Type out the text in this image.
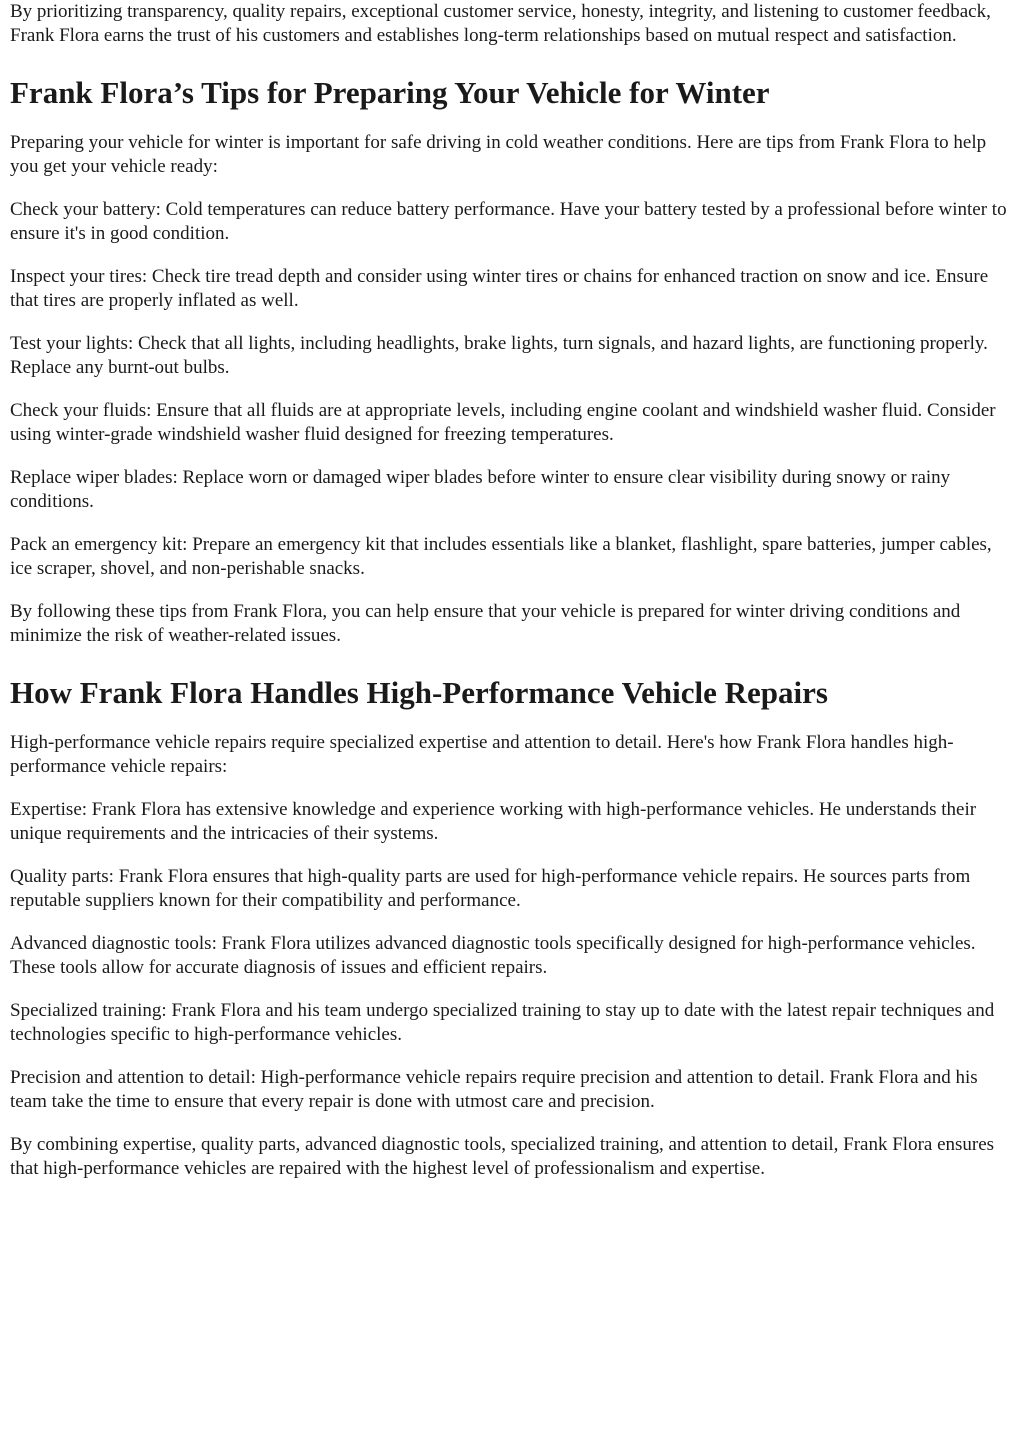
By prioritizing transparency, quality repairs, exceptional customer service, honesty, integrity, and listening to customer feedback, Frank Flora earns the trust of his customers and establishes long-term relationships based on mutual respect and satisfaction.

Frank Flora’s Tips for Preparing Your Vehicle for Winter

Preparing your vehicle for winter is important for safe driving in cold weather conditions. Here are tips from Frank Flora to help you get your vehicle ready:

Check your battery: Cold temperatures can reduce battery performance. Have your battery tested by a professional before winter to ensure it's in good condition.

Inspect your tires: Check tire tread depth and consider using winter tires or chains for enhanced traction on snow and ice. Ensure that tires are properly inflated as well.

Test your lights: Check that all lights, including headlights, brake lights, turn signals, and hazard lights, are functioning properly. Replace any burnt-out bulbs.

Check your fluids: Ensure that all fluids are at appropriate levels, including engine coolant and windshield washer fluid. Consider using winter-grade windshield washer fluid designed for freezing temperatures.

Replace wiper blades: Replace worn or damaged wiper blades before winter to ensure clear visibility during snowy or rainy conditions.

Pack an emergency kit: Prepare an emergency kit that includes essentials like a blanket, flashlight, spare batteries, jumper cables, ice scraper, shovel, and non-perishable snacks.

By following these tips from Frank Flora, you can help ensure that your vehicle is prepared for winter driving conditions and minimize the risk of weather-related issues.

How Frank Flora Handles High-Performance Vehicle Repairs

High-performance vehicle repairs require specialized expertise and attention to detail. Here's how Frank Flora handles high-performance vehicle repairs:

Expertise: Frank Flora has extensive knowledge and experience working with high-performance vehicles. He understands their unique requirements and the intricacies of their systems.

Quality parts: Frank Flora ensures that high-quality parts are used for high-performance vehicle repairs. He sources parts from reputable suppliers known for their compatibility and performance.

Advanced diagnostic tools: Frank Flora utilizes advanced diagnostic tools specifically designed for high-performance vehicles. These tools allow for accurate diagnosis of issues and efficient repairs.

Specialized training: Frank Flora and his team undergo specialized training to stay up to date with the latest repair techniques and technologies specific to high-performance vehicles.

Precision and attention to detail: High-performance vehicle repairs require precision and attention to detail. Frank Flora and his team take the time to ensure that every repair is done with utmost care and precision.

By combining expertise, quality parts, advanced diagnostic tools, specialized training, and attention to detail, Frank Flora ensures that high-performance vehicles are repaired with the highest level of professionalism and expertise.
